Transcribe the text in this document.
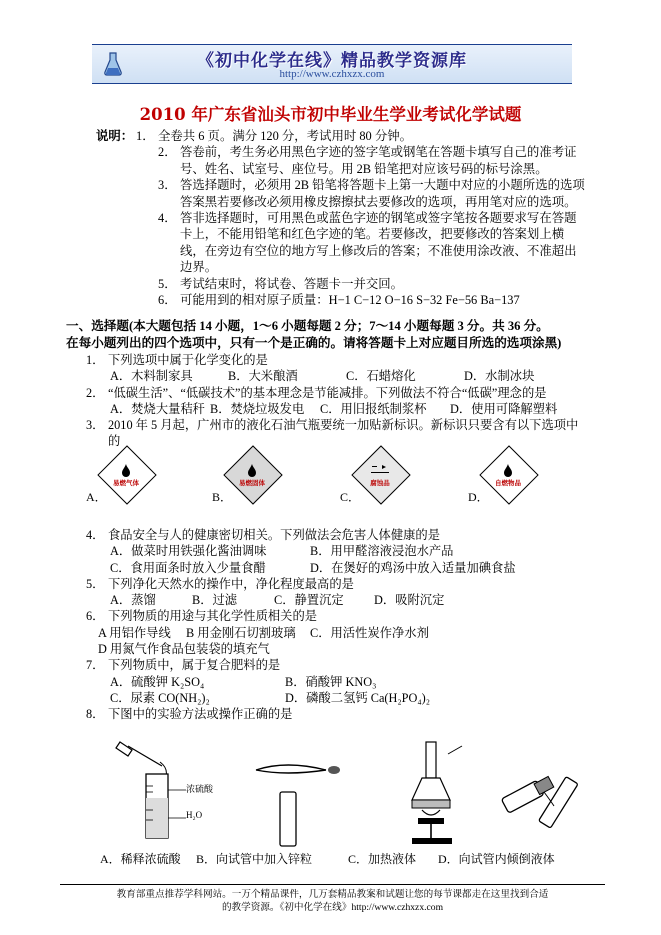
《初中化学在线》精品教学资源库
http://www.czhxzx.com
2010 年广东省汕头市初中毕业生学业考试化学试题
说明： 1． 全卷共 6 页。满分 120 分，考试用时 80 分钟。
2． 答卷前，考生务必用黑色字迹的签字笔或钢笔在答题卡填写自己的准考证号、姓名、试室号、座位号。用 2B 铅笔把对应该号码的标号涂黑。
3． 答选择题时，必须用 2B 铅笔将答题卡上第一大题中对应的小题所选的选项答案黑若要修改必须用橡皮擦擦拭去要修改的选项，再用笔对应的选项。
4． 答非选择题时，可用黑色或蓝色字迹的钢笔或签字笔按各题要求写在答题卡上，不能用铅笔和红色字迹的笔。若要修改，把要修改的答案划上横线，在旁边有空位的地方写上修改后的答案；不准使用涂改液、不准超出边界。
5． 考试结束时，将试卷、答题卡一并交回。
6． 可能用到的相对原子质量：H−1 C−12 O−16 S−32 Fe−56 Ba−137
一、选择题(本大题包括 14 小题，1～6 小题每题 2 分；7～14 小题每题 3 分。共 36 分。
在每小题列出的四个选项中，只有一个是正确的。请将答题卡上对应题目所选的选项涂黑)
1． 下列选项中属于化学变化的是
A．木料制家具	B．大米酿酒	C．石蜡熔化	D．水制冰块
2． “低碳生活”、“低碳技术”的基本理念是节能减排。下列做法不符合“低碳”理念的是
A．焚烧大量秸秆 B．焚烧垃圾发电 C．用旧报纸制浆杯 D．使用可降解塑料
3． 2010 年 5 月起，广州市的液化石油气瓶要统一加贴新标识。新标识只要含有以下选项中的
易燃气体
A．
易燃固体
B．
腐蚀品
C．
自燃物品
D．
4． 食品安全与人的健康密切相关。下列做法会危害人体健康的是
A．做菜时用铁强化酱油调味	B．用甲醛溶液浸泡水产品
C．食用面条时放入少量食醋	D．在煲好的鸡汤中放入适量加碘食盐
5． 下列净化天然水的操作中，净化程度最高的是
A．蒸馏	B．过滤	C．静置沉定 D．吸附沉定
6． 下列物质的用途与其化学性质相关的是
A 用铝作导线 B 用金刚石切割玻璃 C．用活性炭作净水剂D 用氮气作食品包装袋的填充气
7． 下列物质中，属于复合肥料的是
A．硫酸钾 K₂SO₄	B．硝酸钾 KNO₃
C．尿素 CO(NH₂)₂	D．磷酸二氢钙 Ca(H₂PO₄)₂
8． 下图中的实验方法或操作正确的是
浓硫酸
H₂O
A．稀释浓硫酸 B．向试管中加入锌粒	C．加热液体 D．向试管内倾倒液体
教育部重点推荐学科网站。一万个精品课件，几万套精品教案和试题让您的每节课都走在这里找到合适
的教学资源。《初中化学在线》http://www.czhxzx.com
